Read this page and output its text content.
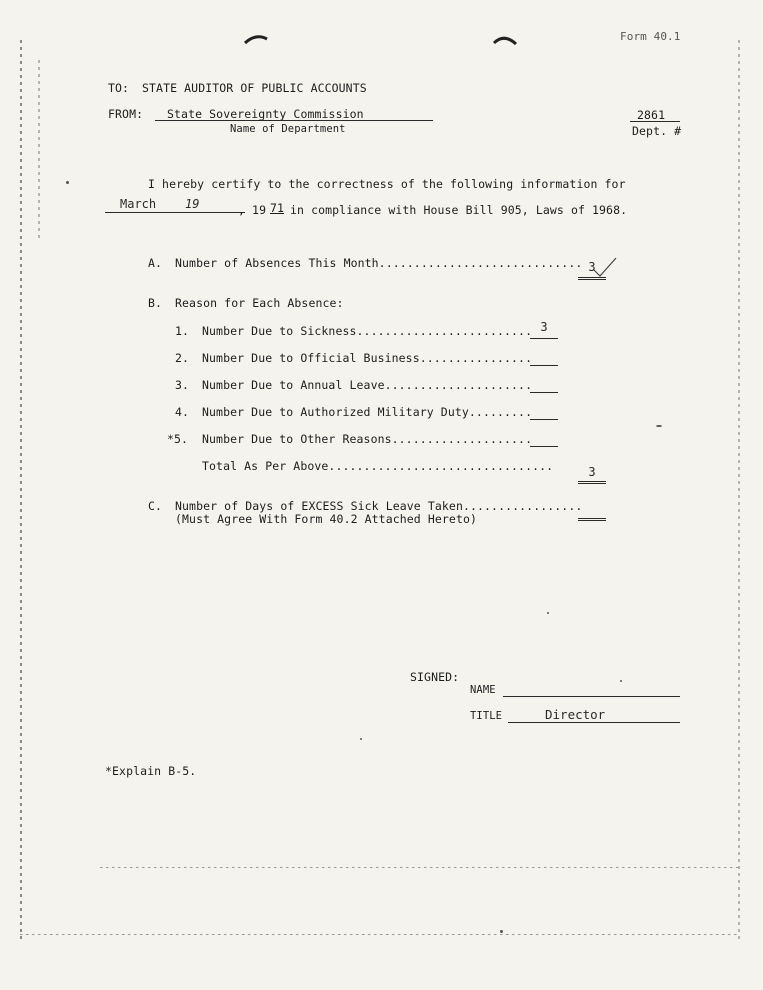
Form 40.1
TO: STATE AUDITOR OF PUBLIC ACCOUNTS
FROM: State Sovereignty Commission
Name of Department
2861
Dept. #
I hereby certify to the correctness of the following information for
March 19	, 19 71 in compliance with House Bill 905, Laws of 1968.
A. Number of Absences This Month............................. 3
B. Reason for Each Absence:
1. Number Due to Sickness......................... 3
2. Number Due to Official Business................
3. Number Due to Annual Leave.....................
4. Number Due to Authorized Military Duty.........
*5. Number Due to Other Reasons....................
Total As Per Above................................	3
C. Number of Days of EXCESS Sick Leave Taken.................
(Must Agree With Form 40.2 Attached Hereto)
SIGNED:
NAME
TITLE	Director
*Explain B-5.
